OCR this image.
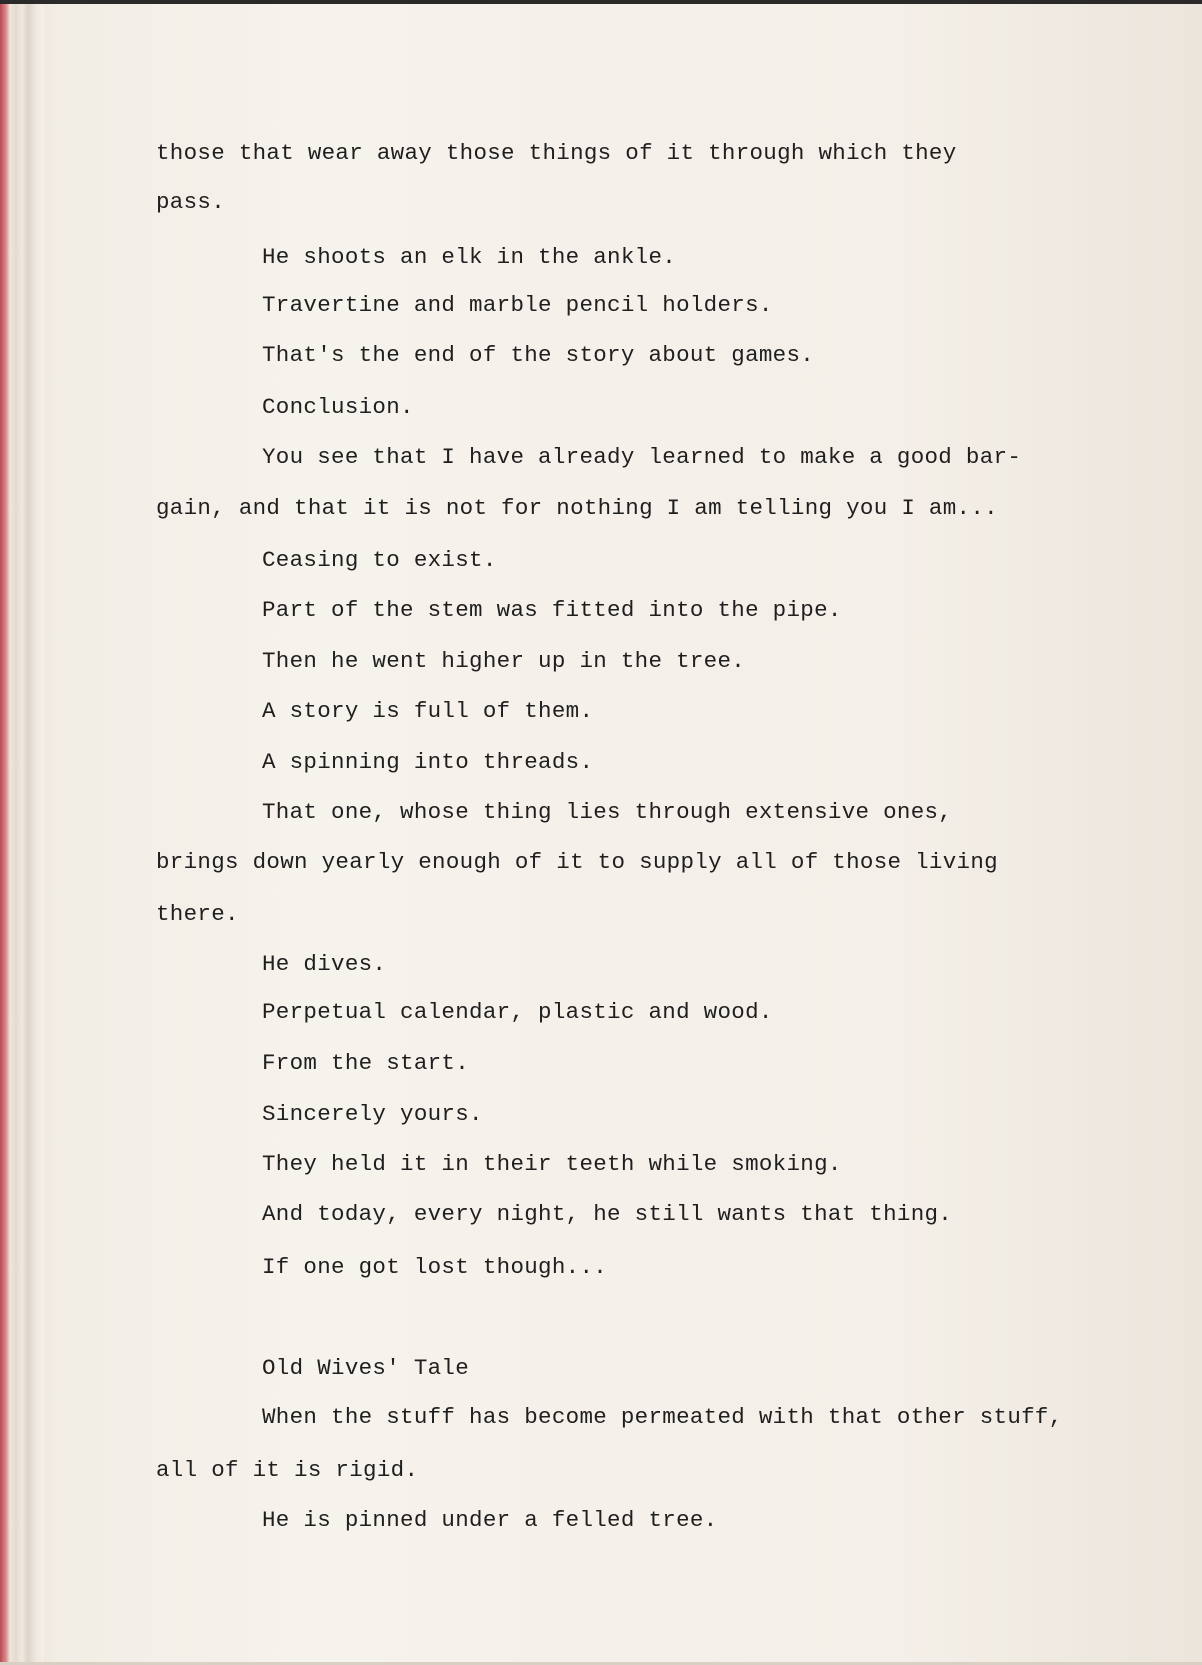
those that wear away those things of it through which they
pass.
He shoots an elk in the ankle.
Travertine and marble pencil holders.
That's the end of the story about games.
Conclusion.
You see that I have already learned to make a good bar-
gain, and that it is not for nothing I am telling you I am...
Ceasing to exist.
Part of the stem was fitted into the pipe.
Then he went higher up in the tree.
A story is full of them.
A spinning into threads.
That one, whose thing lies through extensive ones,
brings down yearly enough of it to supply all of those living
there.
He dives.
Perpetual calendar, plastic and wood.
From the start.
Sincerely yours.
They held it in their teeth while smoking.
And today, every night, he still wants that thing.
If one got lost though...
Old Wives' Tale
When the stuff has become permeated with that other stuff,
all of it is rigid.
He is pinned under a felled tree.
